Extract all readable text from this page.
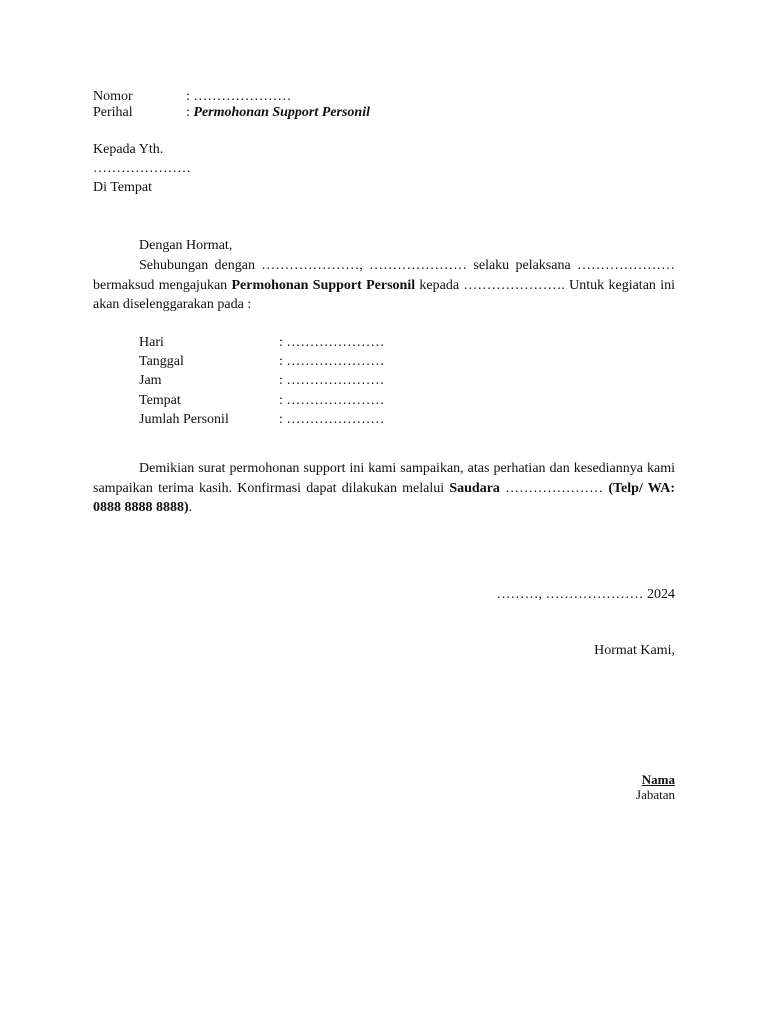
Nomor	: …………………
Perihal	: Permohonan Support Personil
Kepada Yth.
…………………
Di Tempat
Dengan Hormat,
Sehubungan dengan …………………, ………………… selaku pelaksana ………………… bermaksud mengajukan Permohonan Support Personil kepada …………………. Untuk kegiatan ini akan diselenggarakan pada :
Hari	: …………………
Tanggal	: …………………
Jam	: …………………
Tempat	: …………………
Jumlah Personil	: …………………
Demikian surat permohonan support ini kami sampaikan, atas perhatian dan kesediannya kami sampaikan terima kasih. Konfirmasi dapat dilakukan melalui Saudara ………………… (Telp/ WA: 0888 8888 8888).
………, ………………… 2024
Hormat Kami,
Nama
Jabatan
